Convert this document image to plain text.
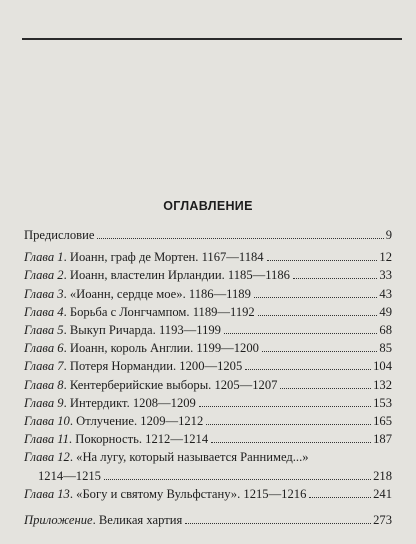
ОГЛАВЛЕНИЕ
Предисловие	9
Глава 1 . Иоанн, граф де Мортен. 1167—1184	12
Глава 2 . Иоанн, властелин Ирландии. 1185—1186	33
Глава 3 . «Иоанн, сердце мое». 1186—1189	43
Глава 4 . Борьба с Лонгчампом. 1189—1192	49
Глава 5 . Выкуп Ричарда. 1193—1199	68
Глава 6 . Иоанн, король Англии. 1199—1200	85
Глава 7 . Потеря Нормандии. 1200—1205	104
Глава 8 . Кентерберийские выборы. 1205—1207	132
Глава 9 . Интердикт. 1208—1209	153
Глава 10 . Отлучение. 1209—1212	165
Глава 11 . Покорность. 1212—1214	187
Глава 12 . «На лугу, который называется Раннимед...»
1214—1215	218
Глава 13 . «Богу и святому Вульфстану». 1215—1216	241
Приложение . Великая хартия	273
